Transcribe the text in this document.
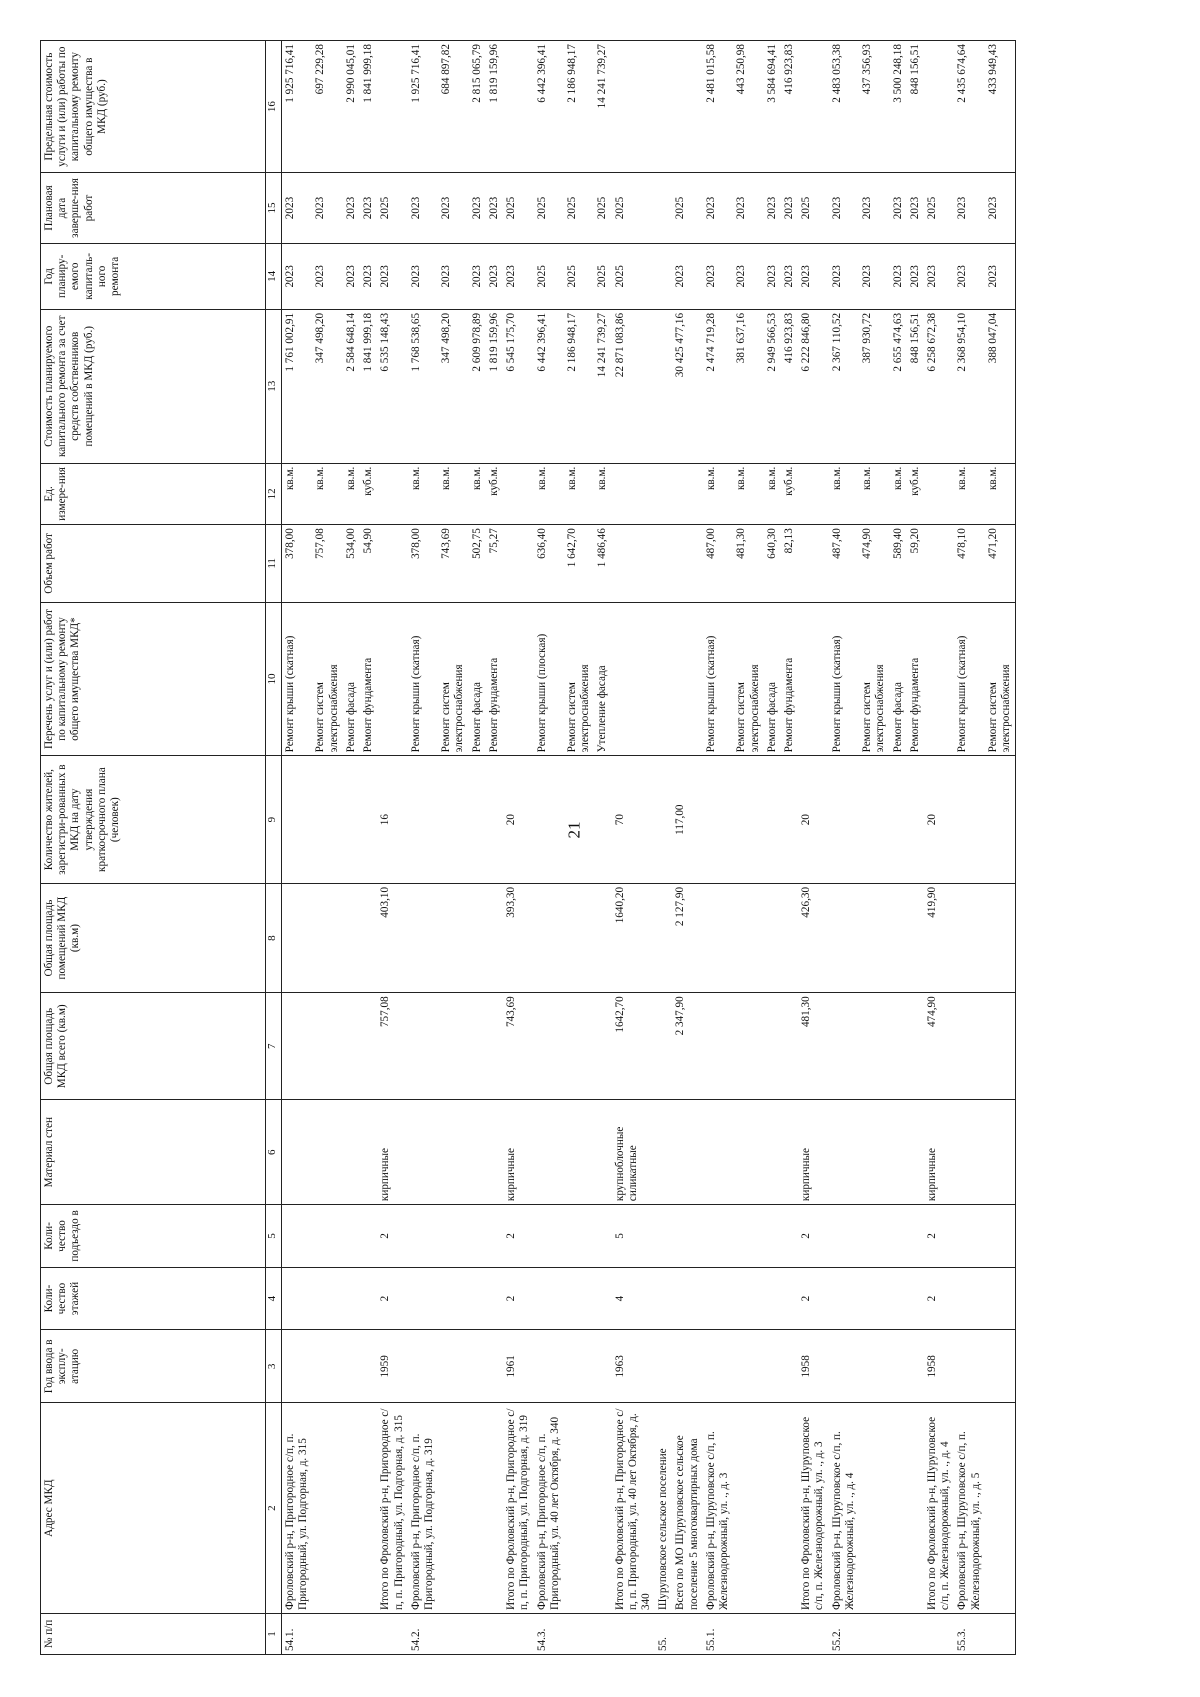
21
№ п/п	Адрес МКД	Год ввода в эксплу-атацию	Коли-чество этажей	Коли-чество подъездо в	Материал стен	Общая площадь МКД всего (кв.м)	Общая площадь помещений МКД (кв.м)	Количество жителей, зарегистри-рованных в МКД на дату утверждения краткосрочного плана (человек)	Перечень услуг и (или) работ по капитальному ремонту общего имущества МКД*	Объем работ	Ед. измере-ния	Стоимость планируемого капитального ремонта за счет средств собственников помещений в МКД (руб.)	Год планиру-емого капиталь-ного ремонта	Плановая дата заверше-ния работ	Предельная стоимость услуги и (или) работы по капитальному ремонту общего имущества в МКД (руб.)
1	2	3	4	5	6	7	8	9	10	11	12	13	14	15	16
54.1.	Фроловский р-н, Пригородное с/п, п. Пригородный, ул. Подгорная, д. 315								Ремонт крыши (скатная)	378,00	кв.м.	1 761 002,91	2023	2023	1 925 716,41
									Ремонт систем электроснабжения	757,08	кв.м.	347 498,20	2023	2023	697 229,28
									Ремонт фасада	534,00	кв.м.	2 584 648,14	2023	2023	2 990 045,01
									Ремонт фундамента	54,90	куб.м.	1 841 999,18	2023	2023	1 841 999,18
	Итого по Фроловский р-н, Пригородное с/п, п. Пригородный, ул. Подгорная, д. 315	1959	2	2	кирпичные	757,08	403,10	16				6 535 148,43	2023	2025	
54.2.	Фроловский р-н, Пригородное с/п, п. Пригородный, ул. Подгорная, д. 319								Ремонт крыши (скатная)	378,00	кв.м.	1 768 538,65	2023	2023	1 925 716,41
									Ремонт систем электроснабжения	743,69	кв.м.	347 498,20	2023	2023	684 897,82
									Ремонт фасада	502,75	кв.м.	2 609 978,89	2023	2023	2 815 065,79
									Ремонт фундамента	75,27	куб.м.	1 819 159,96	2023	2023	1 819 159,96
	Итого по Фроловский р-н, Пригородное с/п, п. Пригородный, ул. Подгорная, д. 319	1961	2	2	кирпичные	743,69	393,30	20				6 545 175,70	2023	2025	
54.3.	Фроловский р-н, Пригородное с/п, п. Пригородный, ул. 40 лет Октября, д. 340								Ремонт крыши (плоская)	636,40	кв.м.	6 442 396,41	2025	2025	6 442 396,41
									Ремонт систем электроснабжения	1 642,70	кв.м.	2 186 948,17	2025	2025	2 186 948,17
									Утепление фасада	1 486,46	кв.м.	14 241 739,27	2025	2025	14 241 739,27
	Итого по Фроловский р-н, Пригородное с/п, п. Пригородный, ул. 40 лет Октября, д. 340	1963	4	5	крупноблочные силикатные	1642,70	1640,20	70				22 871 083,86	2025	2025	
55.	Шуруповское сельское поселение														
	Всего по МО Шуруповское сельское поселение 5 многоквартирных дома					2 347,90	2 127,90	117,00				30 425 477,16	2023	2025	
55.1.	Фроловский р-н, Шуруповское с/п, п. Железнодорожный, ул. ., д. 3								Ремонт крыши (скатная)	487,00	кв.м.	2 474 719,28	2023	2023	2 481 015,58
									Ремонт систем электроснабжения	481,30	кв.м.	381 637,16	2023	2023	443 250,98
									Ремонт фасада	640,30	кв.м.	2 949 566,53	2023	2023	3 584 694,41
									Ремонт фундамента	82,13	куб.м.	416 923,83	2023	2023	416 923,83
	Итого по Фроловский р-н, Шуруповское с/п, п. Железнодорожный, ул. ., д. 3	1958	2	2	кирпичные	481,30	426,30	20				6 222 846,80	2023	2025	
55.2.	Фроловский р-н, Шуруповское с/п, п. Железнодорожный, ул. ., д. 4								Ремонт крыши (скатная)	487,40	кв.м.	2 367 110,52	2023	2023	2 483 053,38
									Ремонт систем электроснабжения	474,90	кв.м.	387 930,72	2023	2023	437 356,93
									Ремонт фасада	589,40	кв.м.	2 655 474,63	2023	2023	3 500 248,18
									Ремонт фундамента	59,20	куб.м.	848 156,51	2023	2023	848 156,51
	Итого по Фроловский р-н, Шуруповское с/п, п. Железнодорожный, ул. ., д. 4	1958	2	2	кирпичные	474,90	419,90	20				6 258 672,38	2023	2025	
55.3.	Фроловский р-н, Шуруповское с/п, п. Железнодорожный, ул. ., д. 5								Ремонт крыши (скатная)	478,10	кв.м.	2 368 954,10	2023	2023	2 435 674,64
									Ремонт систем электроснабжения	471,20	кв.м.	388 047,04	2023	2023	433 949,43
